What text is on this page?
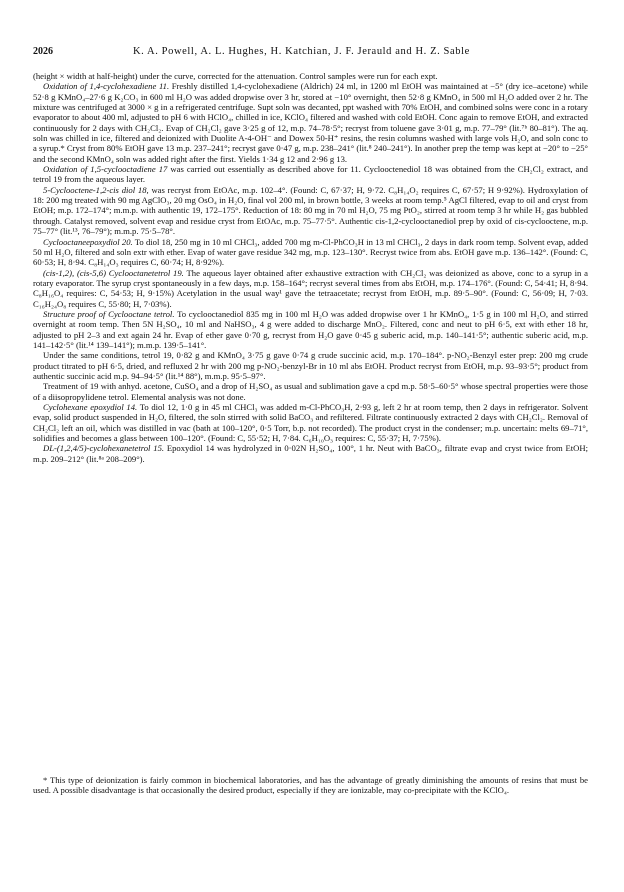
2026	K. A. Powell, A. L. Hughes, H. Katchian, J. F. Jerauld and H. Z. Sable

(height × width at half-height) under the curve, corrected for the attenuation. Control samples were run for each expt.

Oxidation of 1,4-cyclohexadiene 11. Freshly distilled 1,4-cyclohexadiene (Aldrich) 24 ml, in 1200 ml EtOH was maintained at −5° (dry ice–acetone) while 52·8 g KMnO₄–27·6 g K₂CO₃ in 600 ml H₂O was added dropwise over 3 hr, stored at −10° overnight, then 52·8 g KMnO₄ in 500 ml H₂O added over 2 hr. The mixture was centrifuged at 3000 × g in a refrigerated centrifuge. Supt soln was decanted, ppt washed with 70% EtOH, and combined solns were conc in a rotary evaporator to about 400 ml, adjusted to pH 6 with HClO₄, chilled in ice, KClO₄ filtered and washed with cold EtOH. Conc again to remove EtOH, and extracted continuously for 2 days with CH₂Cl₂. Evap of CH₂Cl₂ gave 3·25 g of 12, m.p. 74–78·5°; recryst from toluene gave 3·01 g, m.p. 77–79° (lit.⁷ᵇ 80–81°). The aq. soln was chilled in ice, filtered and deionized with Duolite A-4-OH⁻ and Dowex 50-H⁺ resins, the resin columns washed with large vols H₂O, and soln conc to a syrup.* Cryst from 80% EtOH gave 13 m.p. 237–241°; recryst gave 0·47 g, m.p. 238–241° (lit.⁸ 240–241°). In another prep the temp was kept at −20° to −25° and the second KMnO₄ soln was added right after the first. Yields 1·34 g 12 and 2·96 g 13.

Oxidation of 1,5-cyclooctadiene 17 was carried out essentially as described above for 11. Cyclooctenediol 18 was obtained from the CH₂Cl₂ extract, and tetrol 19 from the aqueous layer.

5-Cyclooctene-1,2-cis diol 18, was recryst from EtOAc, m.p. 102–4°. (Found: C, 67·37; H, 9·72. C₈H₁₄O₂ requires C, 67·57; H 9·92%). Hydroxylation of 18: 200 mg treated with 90 mg AgClO₃, 20 mg OsO₄ in H₂O, final vol 200 ml, in brown bottle, 3 weeks at room temp.⁵ AgCl filtered, evap to oil and cryst from EtOH; m.p. 172–174°; m.m.p. with authentic 19, 172–175°. Reduction of 18: 80 mg in 70 ml H₂O, 75 mg PtO₂, stirred at room temp 3 hr while H₂ gas bubbled through. Catalyst removed, solvent evap and residue cryst from EtOAc, m.p. 75–77·5°. Authentic cis-1,2-cyclooctanediol prep by oxid of cis-cyclooctene, m.p. 75–77° (lit.¹³, 76–79°); m.m.p. 75·5–78°.

Cyclooctaneepoxydiol 20. To diol 18, 250 mg in 10 ml CHCl₃, added 700 mg m-Cl-PhCO₃H in 13 ml CHCl₃, 2 days in dark room temp. Solvent evap, added 50 ml H₂O, filtered and soln extr with ether. Evap of water gave residue 342 mg, m.p. 123–130°. Recryst twice from abs. EtOH gave m.p. 136–142°. (Found: C, 60·53; H, 8·94. C₈H₁₄O₃ requires C, 60·74; H, 8·92%).

(cis-1,2), (cis-5,6) Cyclooctanetetrol 19. The aqueous layer obtained after exhaustive extraction with CH₂Cl₂ was deionized as above, conc to a syrup in a rotary evaporator. The syrup cryst spontaneously in a few days, m.p. 158–164°; recryst several times from abs EtOH, m.p. 174–176°. (Found: C, 54·41; H, 8·94. C₈H₁₆O₄ requires: C, 54·53; H, 9·15%) Acetylation in the usual way¹ gave the tetraacetate; recryst from EtOH, m.p. 89·5–90°. (Found: C, 56·09; H, 7·03. C₁₆H₂₄O₈ requires C, 55·80; H, 7·03%).

Structure proof of Cyclooctane tetrol. To cyclooctanediol 835 mg in 100 ml H₂O was added dropwise over 1 hr KMnO₄, 1·5 g in 100 ml H₂O, and stirred overnight at room temp. Then 5N H₂SO₄, 10 ml and NaHSO₃, 4 g were added to discharge MnO₂. Filtered, conc and neut to pH 6·5, ext with ether 18 hr, adjusted to pH 2–3 and ext again 24 hr. Evap of ether gave 0·70 g, recryst from H₂O gave 0·45 g suberic acid, m.p. 140–141·5°; authentic suberic acid, m.p. 141–142·5° (lit.¹⁴ 139–141°); m.m.p. 139·5–141°.

Under the same conditions, tetrol 19, 0·82 g and KMnO₄ 3·75 g gave 0·74 g crude succinic acid, m.p. 170–184°. p-NO₂-Benzyl ester prep: 200 mg crude product titrated to pH 6·5, dried, and refluxed 2 hr with 200 mg p-NO₂-benzyl-Br in 10 ml abs EtOH. Product recryst from EtOH, m.p. 93–93·5°; product from authentic succinic acid m.p. 94–94·5° (lit.¹⁴ 88°), m.m.p. 95·5–97°.

Treatment of 19 with anhyd. acetone, CuSO₄ and a drop of H₂SO₄ as usual and sublimation gave a cpd m.p. 58·5–60·5° whose spectral properties were those of a diisopropylidene tetrol. Elemental analysis was not done.

Cyclohexane epoxydiol 14. To diol 12, 1·0 g in 45 ml CHCl₃ was added m-Cl-PhCO₃H, 2·93 g, left 2 hr at room temp, then 2 days in refrigerator. Solvent evap, solid product suspended in H₂O, filtered, the soln stirred with solid BaCO₃ and refiltered. Filtrate continuously extracted 2 days with CH₂Cl₂. Removal of CH₂Cl₂ left an oil, which was distilled in vac (bath at 100–120°, 0·5 Torr, b.p. not recorded). The product cryst in the condenser; m.p. uncertain: melts 69–71°, solidifies and becomes a glass between 100–120°. (Found: C, 55·52; H, 7·84. C₆H₁₀O₃ requires: C, 55·37; H, 7·75%).

DL-(1,2,4/5)-cyclohexanetetrol 15. Epoxydiol 14 was hydrolyzed in 0·02N H₂SO₄, 100°, 1 hr. Neut with BaCO₃, filtrate evap and cryst twice from EtOH; m.p. 209–212° (lit.⁸ᵃ 208–209°).

* This type of deionization is fairly common in biochemical laboratories, and has the advantage of greatly diminishing the amounts of resins that must be used. A possible disadvantage is that occasionally the desired product, especially if they are ionizable, may co-precipitate with the KClO₄.
